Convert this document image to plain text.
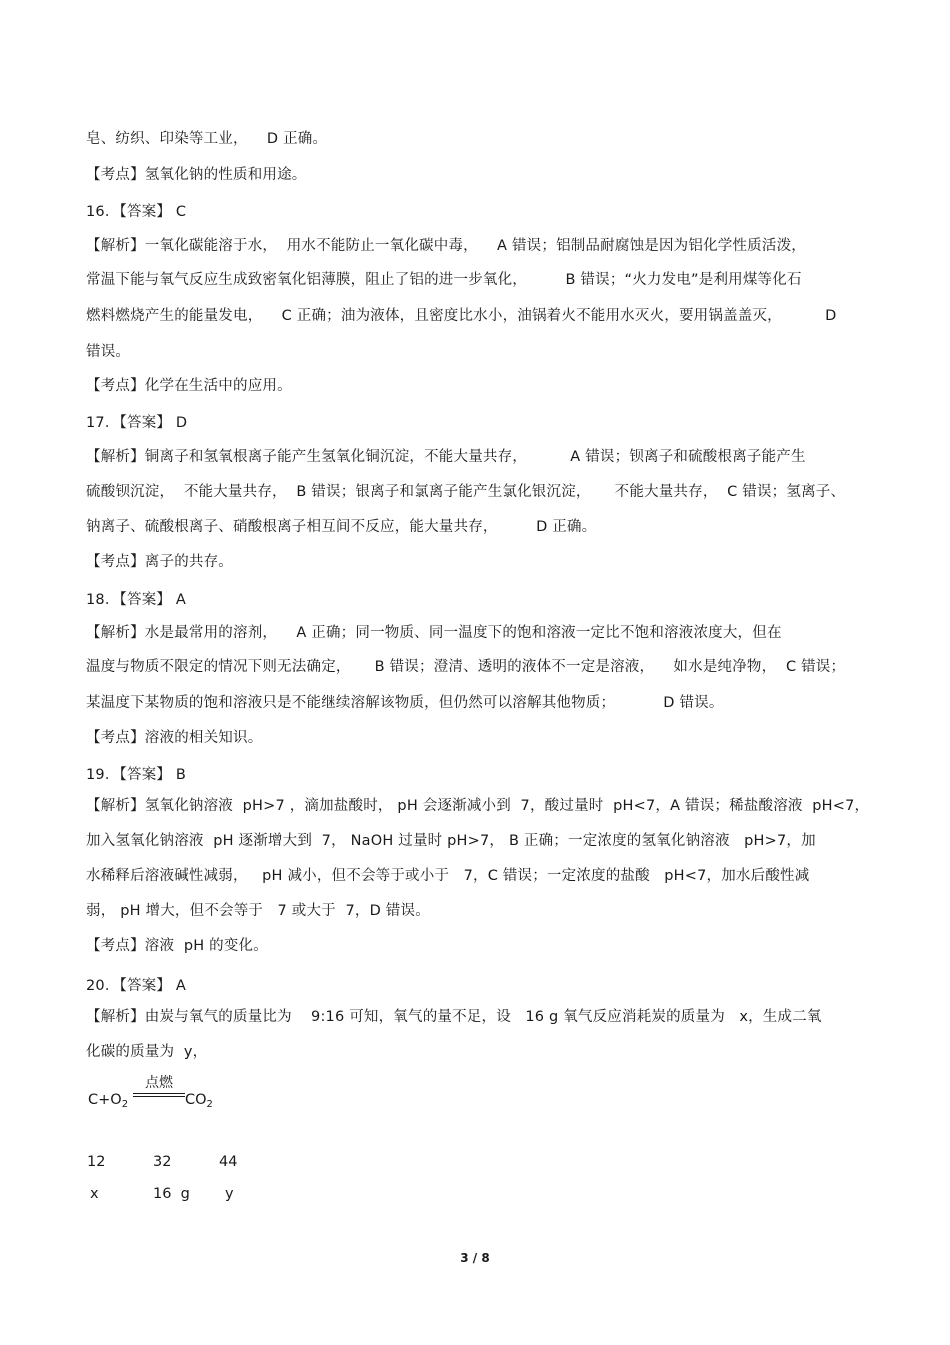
皂、纺织、印染等工业，    D 正确。
【考点】氢氧化钠的性质和用途。
16．【答案】 C
【解析】一氧化碳能溶于水，  用水不能防止一氧化碳中毒，    A 错误；铝制品耐腐蚀是因为铝化学性质活泼，
常温下能与氧气反应生成致密氧化铝薄膜，阻止了铝的进一步氧化，        B 错误；“火力发电”是利用煤等化石
燃料燃烧产生的能量发电，    C 正确；油为液体，且密度比水小，油锅着火不能用水灭火，要用锅盖盖灭，         D
错误。
【考点】化学在生活中的应用。
17．【答案】 D
【解析】铜离子和氢氧根离子能产生氢氧化铜沉淀，不能大量共存，         A 错误；钡离子和硫酸根离子能产生
硫酸钡沉淀，  不能大量共存，  B 错误；银离子和氯离子能产生氯化银沉淀，     不能大量共存，  C 错误；氢离子、
钠离子、硫酸根离子、硝酸根离子相互间不反应，能大量共存，        D 正确。
【考点】离子的共存。
18．【答案】 A
【解析】水是最常用的溶剂，    A 正确；同一物质、同一温度下的饱和溶液一定比不饱和溶液浓度大，但在
温度与物质不限定的情况下则无法确定，     B 错误；澄清、透明的液体不一定是溶液，    如水是纯净物，  C 错误；
某温度下某物质的饱和溶液只是不能继续溶解该物质，但仍然可以溶解其他物质；          D 错误。
【考点】溶液的相关知识。
19．【答案】 B
【解析】氢氧化钠溶液  pH>7 ，滴加盐酸时， pH 会逐渐减小到  7，酸过量时  pH<7，A 错误；稀盐酸溶液  pH<7，
加入氢氧化钠溶液  pH 逐渐增大到  7， NaOH 过量时 pH>7， B 正确；一定浓度的氢氧化钠溶液   pH>7，加
水稀释后溶液碱性减弱，   pH 减小，但不会等于或小于   7，C 错误；一定浓度的盐酸   pH<7，加水后酸性减
弱， pH 增大，但不会等于   7 或大于  7，D 错误。
【考点】溶液  pH 的变化。
20．【答案】 A
【解析】由炭与氧气的质量比为    9:16 可知，氧气的量不足，设   16 g 氧气反应消耗炭的质量为   x，生成二氧
化碳的质量为  y，
$C+O_2$
点燃
$CO_2$
12	32	44
x	16  g y
3 / 8
